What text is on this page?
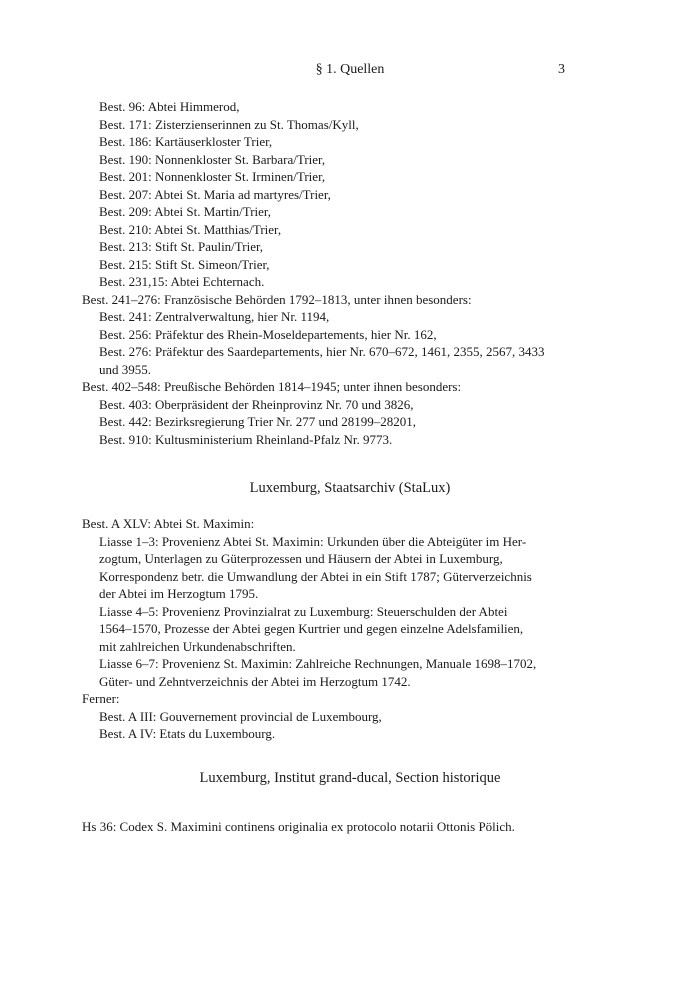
§ 1. Quellen	3
Best. 96: Abtei Himmerod,
Best. 171: Zisterzienserinnen zu St. Thomas/Kyll,
Best. 186: Kartäuserkloster Trier,
Best. 190: Nonnenkloster St. Barbara/Trier,
Best. 201: Nonnenkloster St. Irminen/Trier,
Best. 207: Abtei St. Maria ad martyres/Trier,
Best. 209: Abtei St. Martin/Trier,
Best. 210: Abtei St. Matthias/Trier,
Best. 213: Stift St. Paulin/Trier,
Best. 215: Stift St. Simeon/Trier,
Best. 231,15: Abtei Echternach.
Best. 241–276: Französische Behörden 1792–1813, unter ihnen besonders:
Best. 241: Zentralverwaltung, hier Nr. 1194,
Best. 256: Präfektur des Rhein-Moseldepartements, hier Nr. 162,
Best. 276: Präfektur des Saardepartements, hier Nr. 670–672, 1461, 2355, 2567, 3433
und 3955.
Best. 402–548: Preußische Behörden 1814–1945; unter ihnen besonders:
Best. 403: Oberpräsident der Rheinprovinz Nr. 70 und 3826,
Best. 442: Bezirksregierung Trier Nr. 277 und 28199–28201,
Best. 910: Kultusministerium Rheinland-Pfalz Nr. 9773.
Luxemburg, Staatsarchiv (StaLux)
Best. A XLV: Abtei St. Maximin:
Liasse 1–3: Provenienz Abtei St. Maximin: Urkunden über die Abteigüter im Her-
zogtum, Unterlagen zu Güterprozessen und Häusern der Abtei in Luxemburg,
Korrespondenz betr. die Umwandlung der Abtei in ein Stift 1787; Güterverzeichnis
der Abtei im Herzogtum 1795.
Liasse 4–5: Provenienz Provinzialrat zu Luxemburg: Steuerschulden der Abtei
1564–1570, Prozesse der Abtei gegen Kurtrier und gegen einzelne Adelsfamilien,
mit zahlreichen Urkundenabschriften.
Liasse 6–7: Provenienz St. Maximin: Zahlreiche Rechnungen, Manuale 1698–1702,
Güter- und Zehntverzeichnis der Abtei im Herzogtum 1742.
Ferner:
Best. A III: Gouvernement provincial de Luxembourg,
Best. A IV: Etats du Luxembourg.
Luxemburg, Institut grand-ducal, Section historique
Hs 36: Codex S. Maximini continens originalia ex protocolo notarii Ottonis Pölich.
